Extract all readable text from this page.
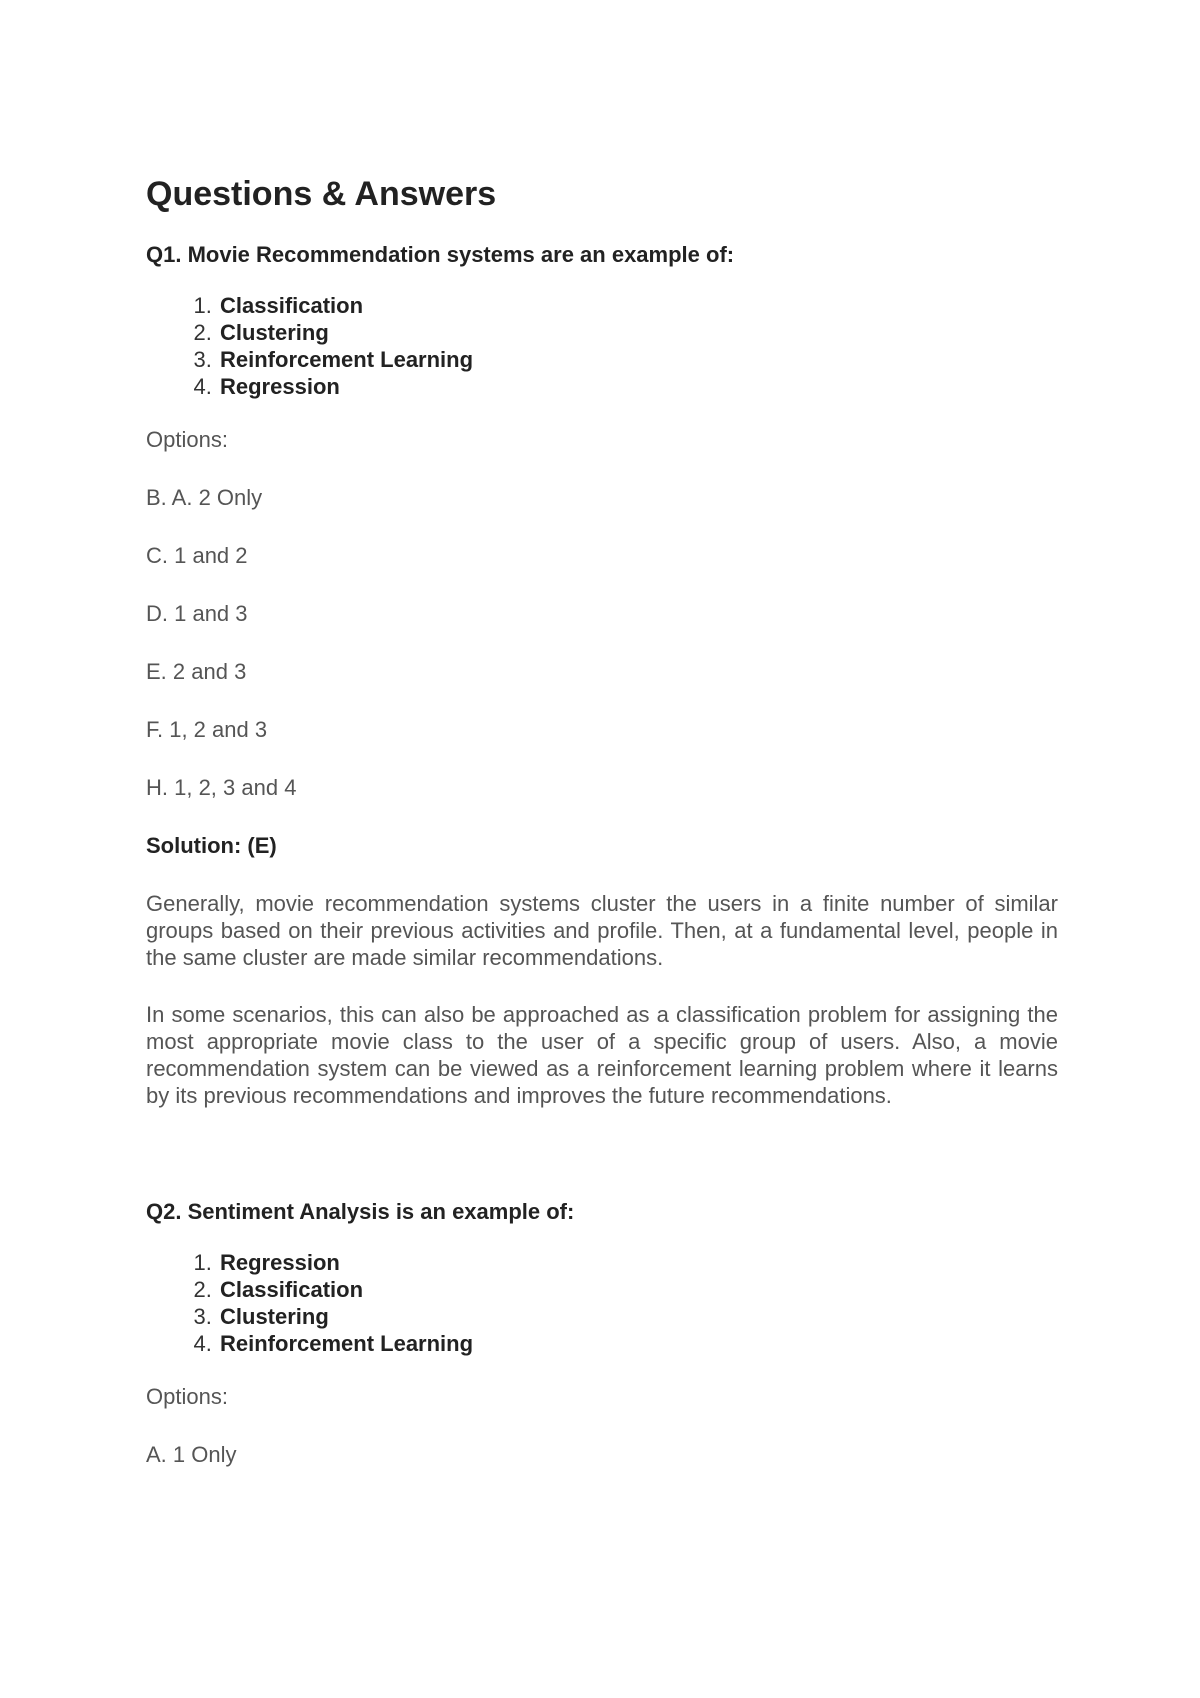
Questions & Answers
Q1. Movie Recommendation systems are an example of:
1. Classification
2. Clustering
3. Reinforcement Learning
4. Regression
Options:
B. A. 2 Only
C. 1 and 2
D. 1 and 3
E. 2 and 3
F. 1, 2 and 3
H. 1, 2, 3 and 4
Solution: (E)

Generally, movie recommendation systems cluster the users in a finite number of similar groups based on their previous activities and profile. Then, at a fundamental level, people in the same cluster are made similar recommendations.

In some scenarios, this can also be approached as a classification problem for assigning the most appropriate movie class to the user of a specific group of users. Also, a movie recommendation system can be viewed as a reinforcement learning problem where it learns by its previous recommendations and improves the future recommendations.

Q2. Sentiment Analysis is an example of:
1. Regression
2. Classification
3. Clustering
4. Reinforcement Learning
Options:
A. 1 Only
